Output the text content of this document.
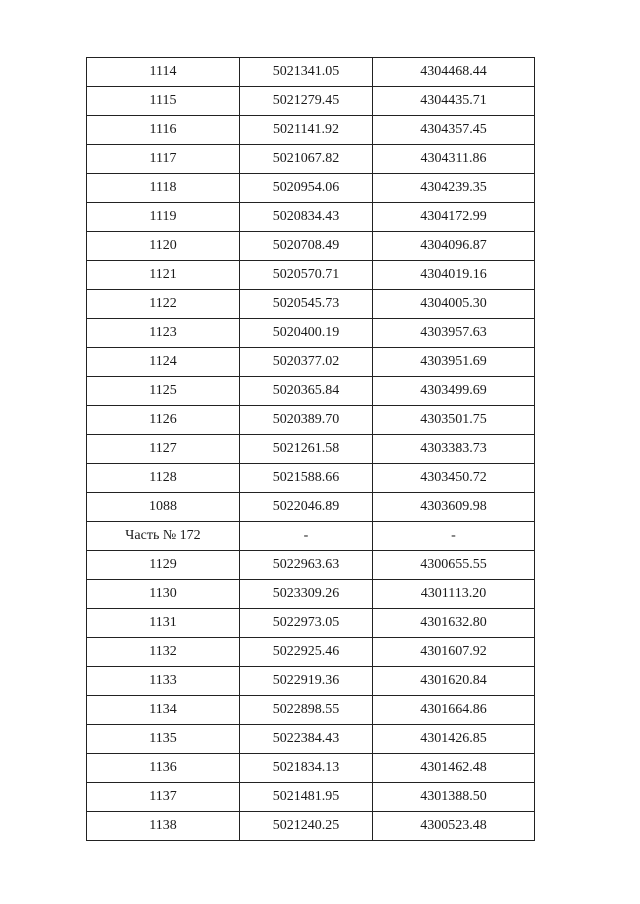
1114	5021341.05	4304468.44
1115	5021279.45	4304435.71
1116	5021141.92	4304357.45
1117	5021067.82	4304311.86
1118	5020954.06	4304239.35
1119	5020834.43	4304172.99
1120	5020708.49	4304096.87
1121	5020570.71	4304019.16
1122	5020545.73	4304005.30
1123	5020400.19	4303957.63
1124	5020377.02	4303951.69
1125	5020365.84	4303499.69
1126	5020389.70	4303501.75
1127	5021261.58	4303383.73
1128	5021588.66	4303450.72
1088	5022046.89	4303609.98
Часть № 172	-	-
1129	5022963.63	4300655.55
1130	5023309.26	4301113.20
1131	5022973.05	4301632.80
1132	5022925.46	4301607.92
1133	5022919.36	4301620.84
1134	5022898.55	4301664.86
1135	5022384.43	4301426.85
1136	5021834.13	4301462.48
1137	5021481.95	4301388.50
1138	5021240.25	4300523.48
